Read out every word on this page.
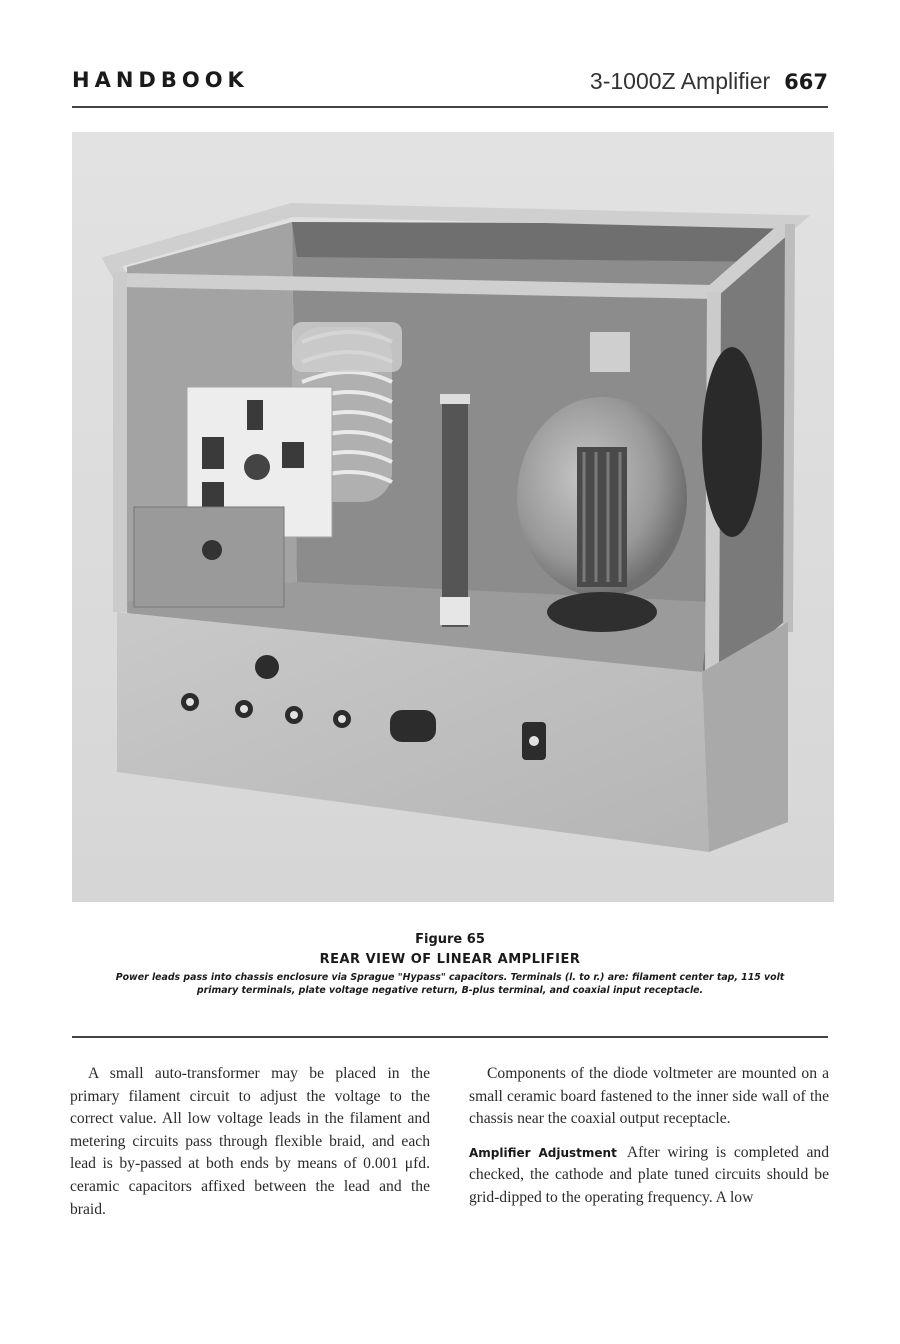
HANDBOOK	3-1000Z Amplifier 667
Figure 65
REAR VIEW OF LINEAR AMPLIFIER
Power leads pass into chassis enclosure via Sprague "Hypass" capacitors. Terminals (l. to r.) are: filament center tap, 115 volt primary terminals, plate voltage negative return, B-plus terminal, and coaxial input receptacle.

A small auto-transformer may be placed in the primary filament circuit to adjust the voltage to the correct value. All low voltage leads in the filament and metering circuits pass through flexible braid, and each lead is by-passed at both ends by means of 0.001 μfd. ceramic capacitors affixed between the lead and the braid.

Components of the diode voltmeter are mounted on a small ceramic board fastened to the inner side wall of the chassis near the coaxial output receptacle.

Amplifier Adjustment After wiring is completed and checked, the cathode and plate tuned circuits should be grid-dipped to the operating frequency. A low
